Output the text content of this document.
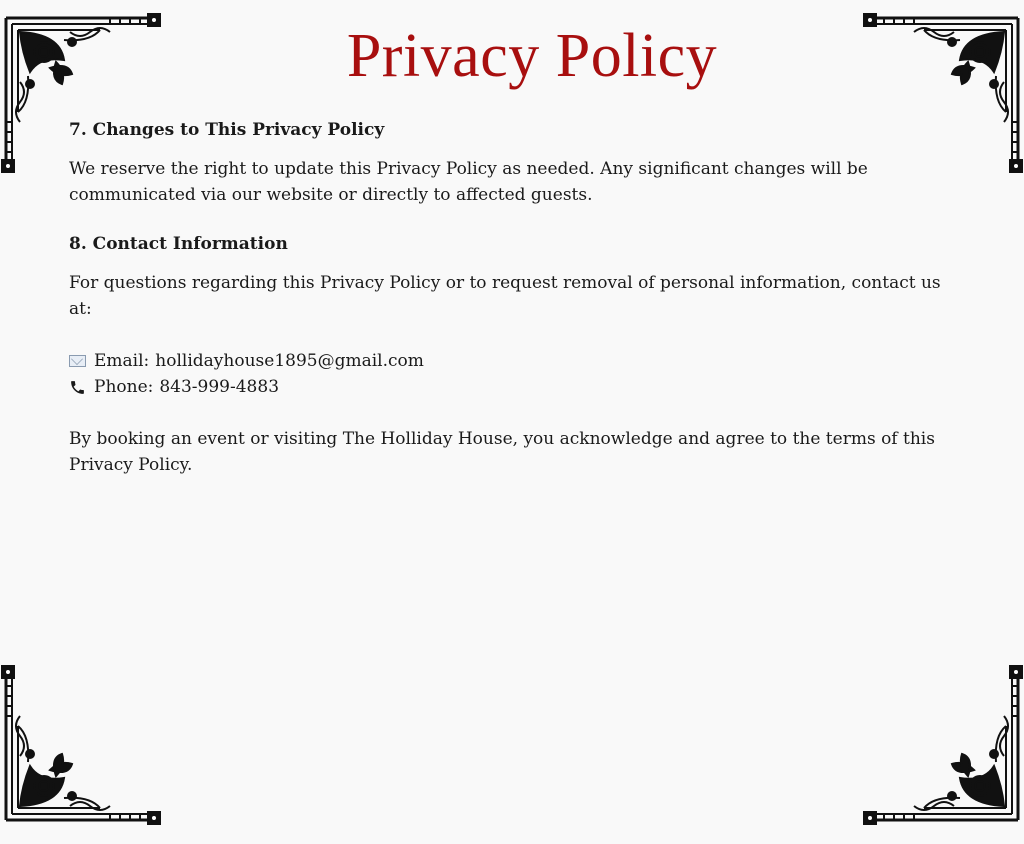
Privacy Policy
7. Changes to This Privacy Policy

We reserve the right to update this Privacy Policy as needed. Any significant changes will be communicated via our website or directly to affected guests.

8. Contact Information

For questions regarding this Privacy Policy or to request removal of personal information, contact us at:

Email: hollidayhouse1895@gmail.com
Phone: 843-999-4883

By booking an event or visiting The Holliday House, you acknowledge and agree to the terms of this Privacy Policy.
